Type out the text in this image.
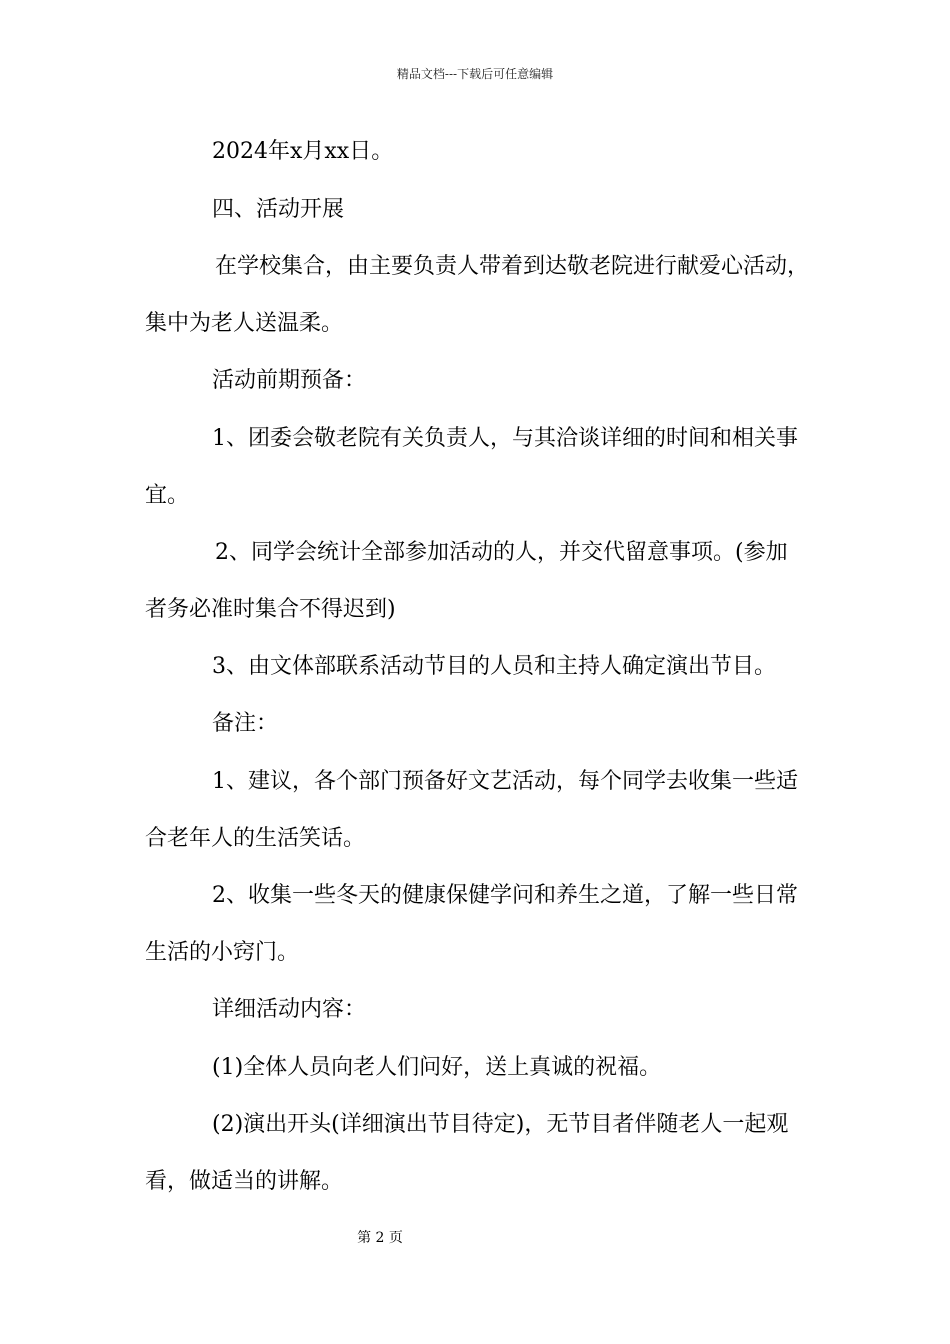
精品文档---下载后可任意编辑
2024年x月xx日。
四、活动开展
在学校集合，由主要负责人带着到达敬老院进行献爱心活动，
集中为老人送温柔。
活动前期预备：
1、团委会敬老院有关负责人，与其洽谈详细的时间和相关事
宜。
2、同学会统计全部参加活动的人，并交代留意事项。(参加
者务必准时集合不得迟到)
3、由文体部联系活动节目的人员和主持人确定演出节目。
备注：
1、建议，各个部门预备好文艺活动，每个同学去收集一些适
合老年人的生活笑话。
2、收集一些冬天的健康保健学问和养生之道，了解一些日常
生活的小窍门。
详细活动内容：
(1)全体人员向老人们问好，送上真诚的祝福。
(2)演出开头(详细演出节目待定)，无节目者伴随老人一起观
看，做适当的讲解。
第 2 页
